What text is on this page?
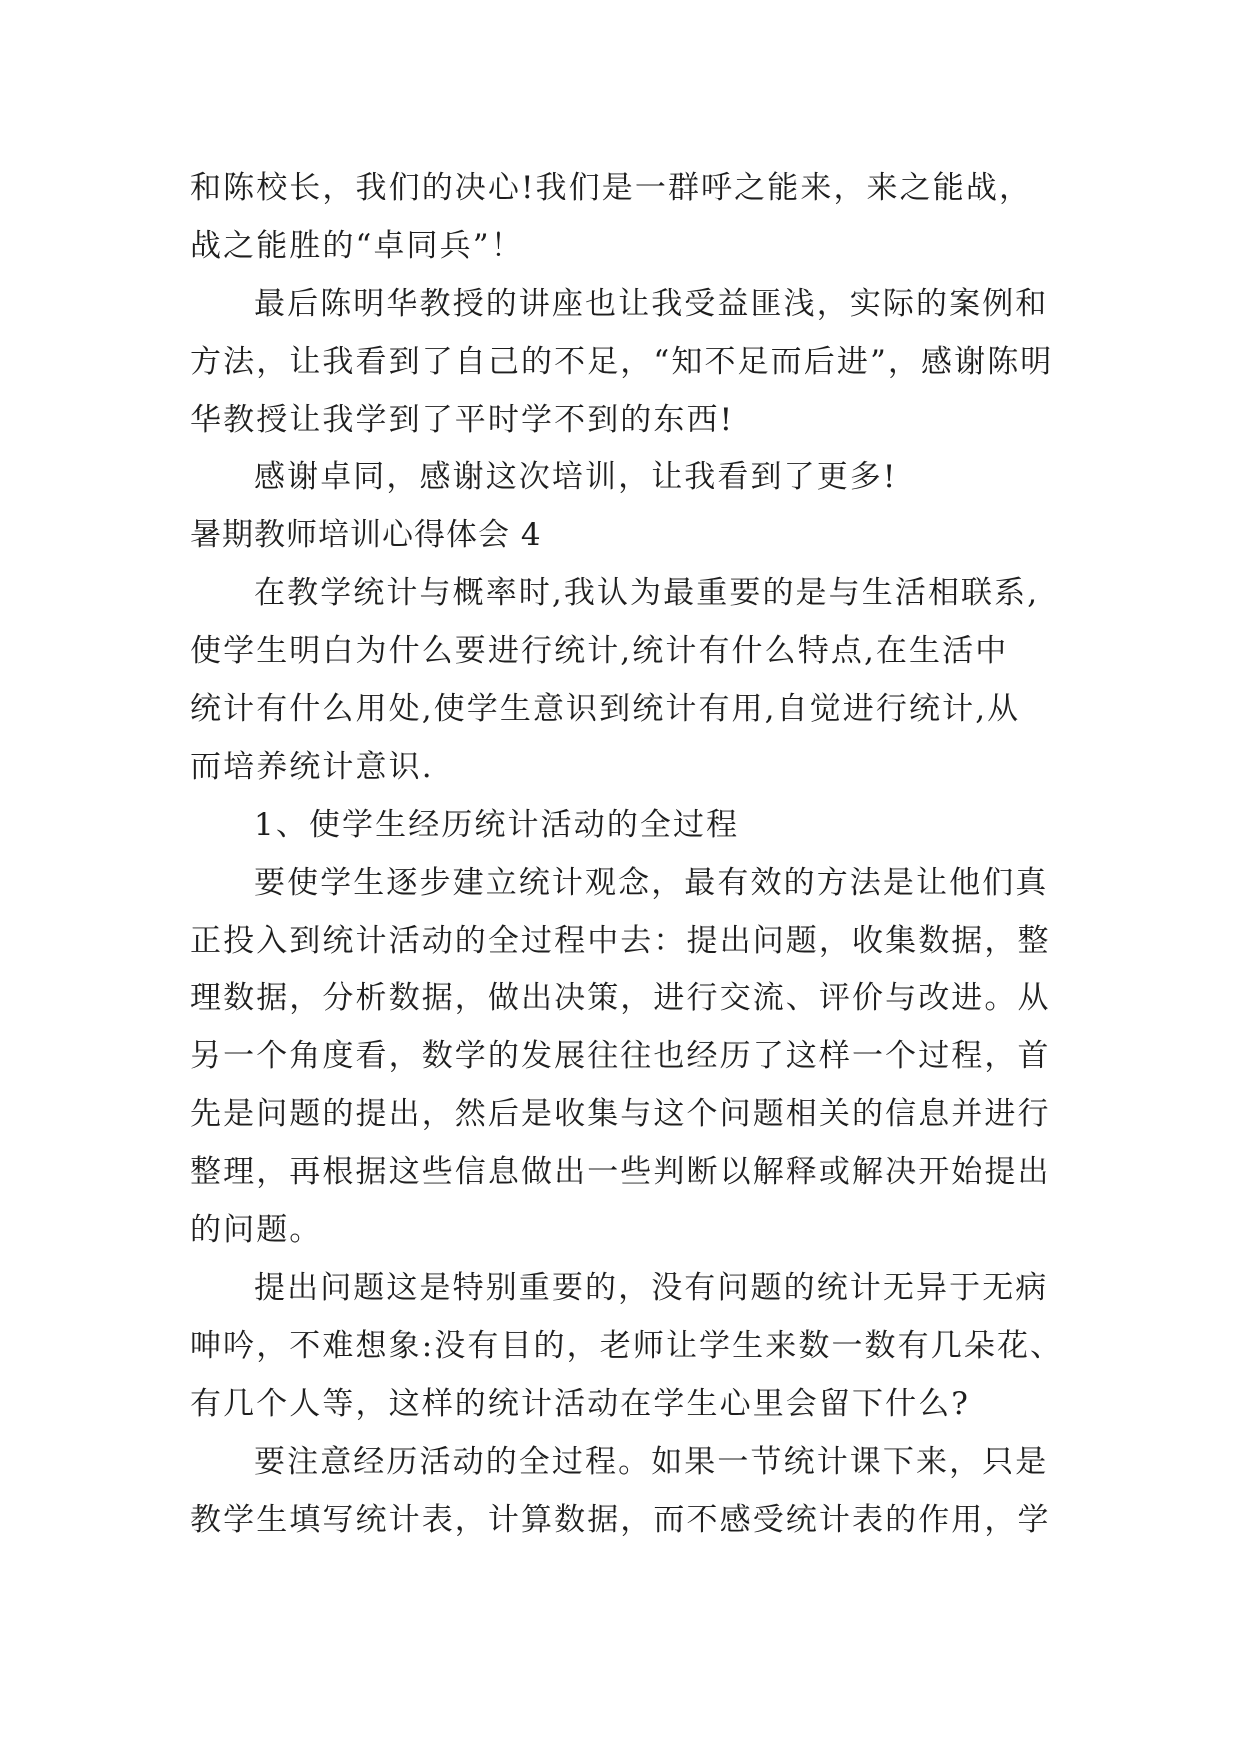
和陈校长，我们的决心!我们是一群呼之能来，来之能战，
战之能胜的“卓同兵”！
最后陈明华教授的讲座也让我受益匪浅，实际的案例和
方法，让我看到了自己的不足，“知不足而后进”，感谢陈明
华教授让我学到了平时学不到的东西!
感谢卓同，感谢这次培训，让我看到了更多!
暑期教师培训心得体会 4
在教学统计与概率时,我认为最重要的是与生活相联系,
使学生明白为什么要进行统计,统计有什么特点,在生活中
统计有什么用处,使学生意识到统计有用,自觉进行统计,从
而培养统计意识.
1、使学生经历统计活动的全过程
要使学生逐步建立统计观念，最有效的方法是让他们真
正投入到统计活动的全过程中去：提出问题，收集数据，整
理数据，分析数据，做出决策，进行交流、评价与改进。从
另一个角度看，数学的发展往往也经历了这样一个过程，首
先是问题的提出，然后是收集与这个问题相关的信息并进行
整理，再根据这些信息做出一些判断以解释或解决开始提出
的问题。
提出问题这是特别重要的，没有问题的统计无异于无病
呻吟，不难想象:没有目的，老师让学生来数一数有几朵花、
有几个人等，这样的统计活动在学生心里会留下什么?
要注意经历活动的全过程。如果一节统计课下来，只是
教学生填写统计表，计算数据，而不感受统计表的作用，学
